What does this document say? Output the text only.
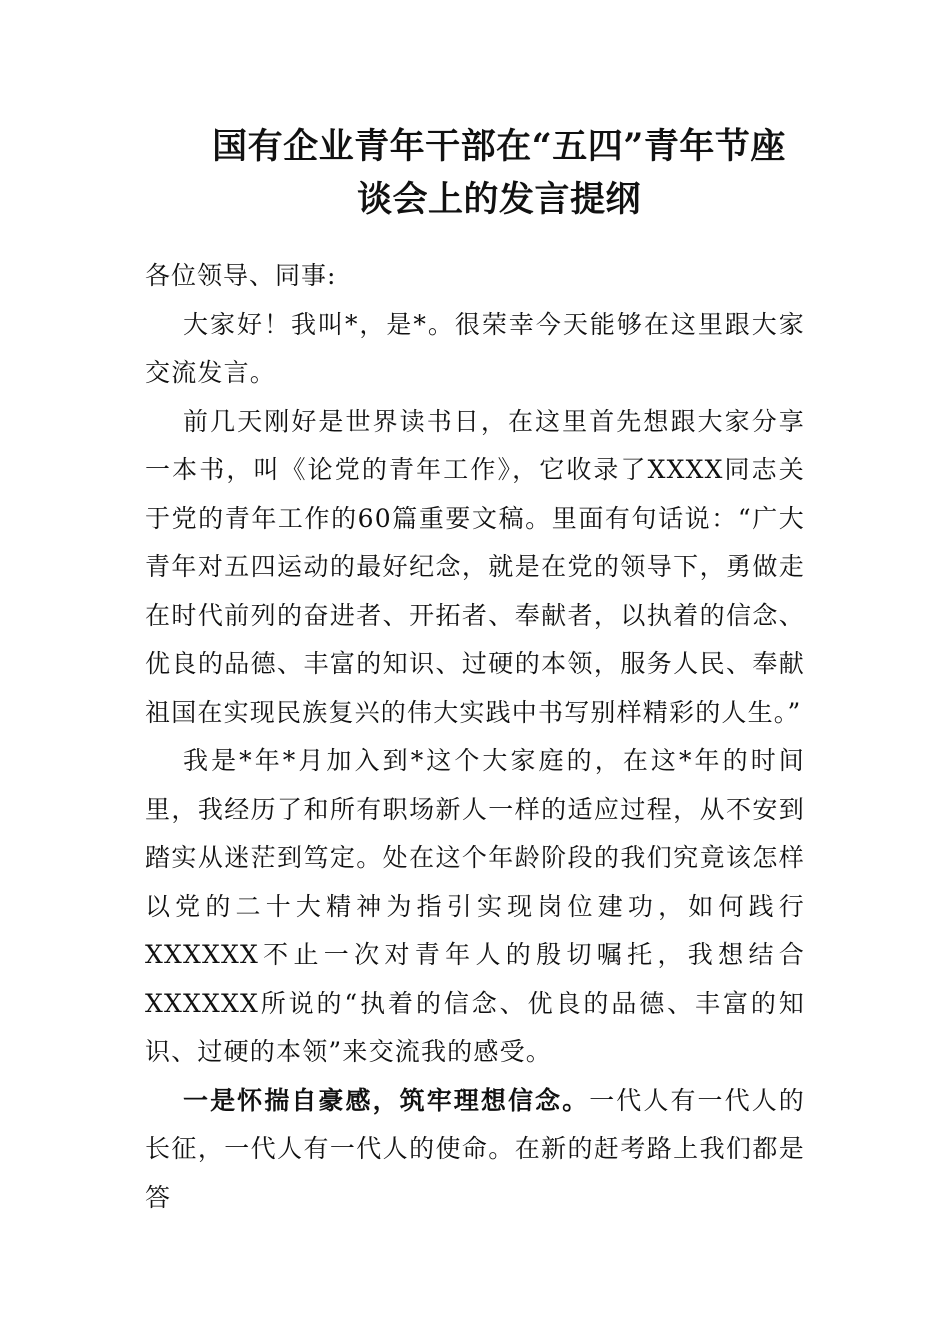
国有企业青年干部在“五四”青年节座
谈会上的发言提纲

各位领导、同事:

大家好！我叫*，是*。很荣幸今天能够在这里跟大家交流发言。

前几天刚好是世界读书日，在这里首先想跟大家分享一本书，叫《论党的青年工作》，它收录了XXXX同志关于党的青年工作的60篇重要文稿。里面有句话说：“广大青年对五四运动的最好纪念，就是在党的领导下，勇做走在时代前列的奋进者、开拓者、奉献者，以执着的信念、优良的品德、丰富的知识、过硬的本领，服务人民、奉献祖国在实现民族复兴的伟大实践中书写别样精彩的人生。”

我是*年*月加入到*这个大家庭的，在这*年的时间里，我经历了和所有职场新人一样的适应过程，从不安到踏实从迷茫到笃定。处在这个年龄阶段的我们究竟该怎样以党的二十大精神为指引实现岗位建功，如何践行XXXXXX不止一次对青年人的殷切嘱托，我想结合XXXXXX所说的“执着的信念、优良的品德、丰富的知识、过硬的本领”来交流我的感受。

一是怀揣自豪感，筑牢理想信念。一代人有一代人的长征，一代人有一代人的使命。在新的赶考路上我们都是答
